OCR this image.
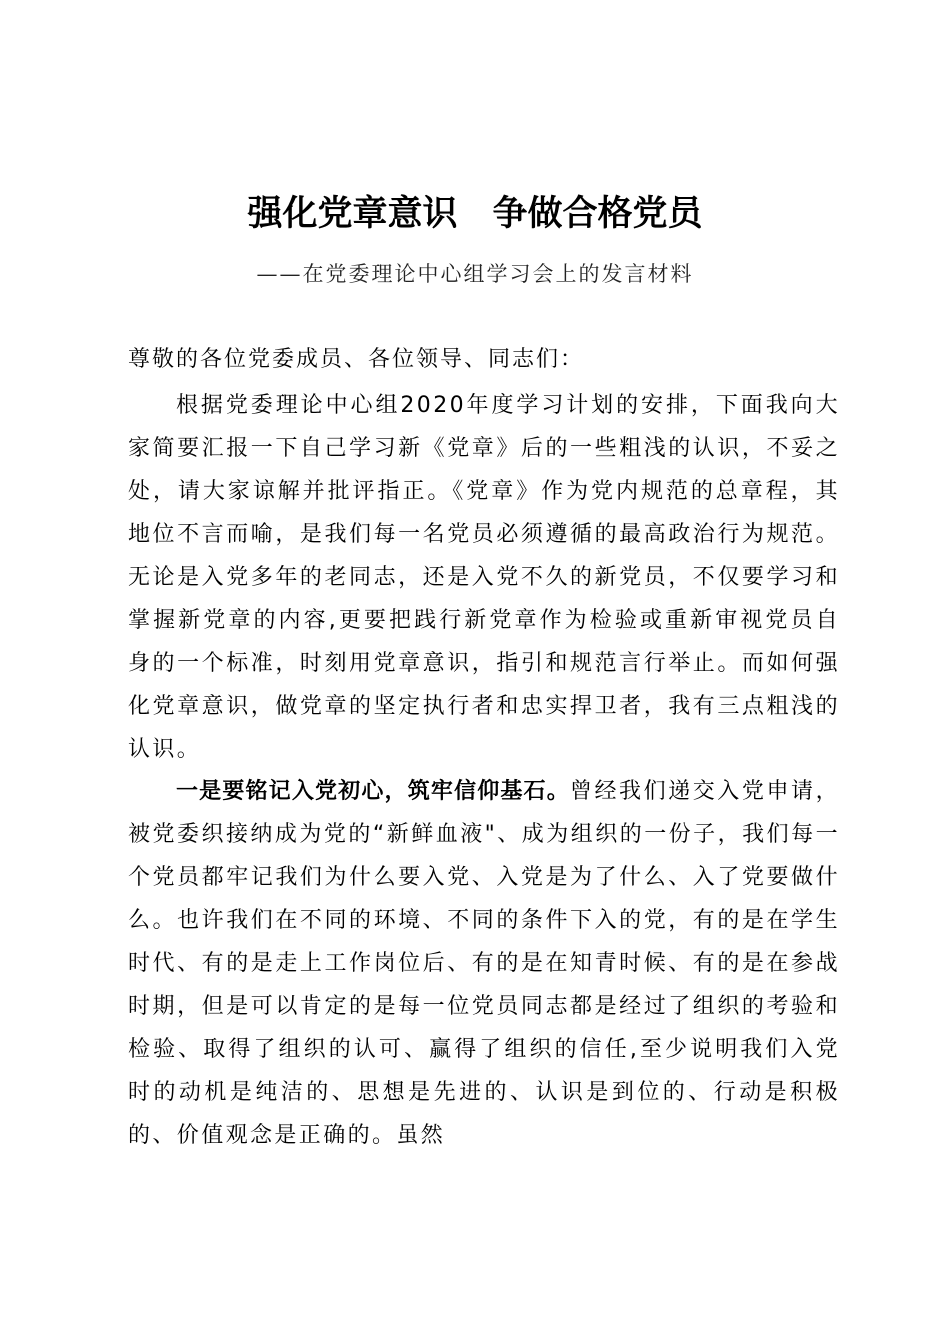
强化党章意识　争做合格党员
——在党委理论中心组学习会上的发言材料

尊敬的各位党委成员、各位领导、同志们：

根据党委理论中心组2020年度学习计划的安排，下面我向大家简要汇报一下自己学习新《党章》后的一些粗浅的认识，不妥之处，请大家谅解并批评指正。《党章》作为党内规范的总章程，其地位不言而喻，是我们每一名党员必须遵循的最高政治行为规范。无论是入党多年的老同志，还是入党不久的新党员，不仅要学习和掌握新党章的内容,更要把践行新党章作为检验或重新审视党员自身的一个标准，时刻用党章意识，指引和规范言行举止。而如何强化党章意识，做党章的坚定执行者和忠实捍卫者，我有三点粗浅的认识。

一是要铭记入党初心，筑牢信仰基石。曾经我们递交入党申请，被党委织接纳成为党的“新鲜血液"、成为组织的一份子，我们每一个党员都牢记我们为什么要入党、入党是为了什么、入了党要做什么。也许我们在不同的环境、不同的条件下入的党，有的是在学生时代、有的是走上工作岗位后、有的是在知青时候、有的是在参战时期，但是可以肯定的是每一位党员同志都是经过了组织的考验和检验、取得了组织的认可、赢得了组织的信任,至少说明我们入党时的动机是纯洁的、思想是先进的、认识是到位的、行动是积极的、价值观念是正确的。虽然
